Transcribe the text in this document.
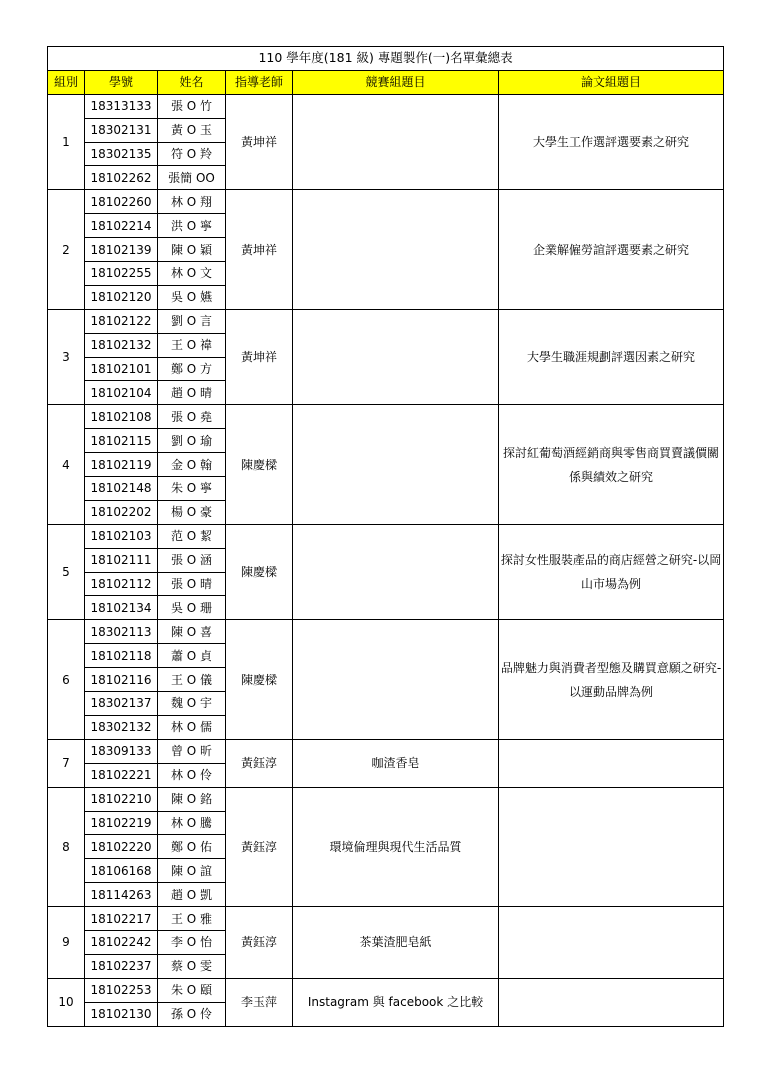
110 學年度(181 級) 專題製作(一)名單彙總表					
組別	學號	姓名	指導老師	競賽組題目	論文組題目
1	18313133	張 O 竹	黃坤祥		大學生工作選評選要素之研究
	18302131	黃 O 玉			
	18302135	符 O 羚			
	18102262	張簡 OO			
2	18102260	林 O 翔	黃坤祥		企業解僱勞諠評選要素之研究
	18102214	洪 O 寧			
	18102139	陳 O 穎			
	18102255	林 O 文			
	18102120	吳 O 嬿			
3	18102122	劉 O 言	黃坤祥		大學生職涯規劃評選因素之研究
	18102132	王 O 禕			
	18102101	鄭 O 方			
	18102104	趙 O 晴			
4	18102108	張 O 堯	陳慶樑		探討紅葡萄酒經銷商與零售商買賣議價關係與績效之研究
	18102115	劉 O 瑜			
	18102119	金 O 翰			
	18102148	朱 O 寧			
	18102202	楊 O 豪			
5	18102103	范 O 絜	陳慶樑		探討女性服裝產品的商店經營之研究-以岡山市場為例
	18102111	張 O 涵			
	18102112	張 O 晴			
	18102134	吳 O 珊			
6	18302113	陳 O 喜	陳慶樑		品牌魅力與消費者型態及購買意願之研究-以運動品牌為例
	18102118	蕭 O 貞			
	18102116	王 O 儀			
	18302137	魏 O 宇			
	18302132	林 O 儒			
7	18309133	曾 O 昕	黃鈺淳	咖渣香皂	
	18102221	林 O 伶			
8	18102210	陳 O 銘	黃鈺淳	環境倫理與現代生活品質	
	18102219	林 O 騰			
	18102220	鄭 O 佑			
	18106168	陳 O 誼			
	18114263	趙 O 凱			
9	18102217	王 O 雅	黃鈺淳	茶葉渣肥皂紙	
	18102242	李 O 怡			
	18102237	蔡 O 雯			
10	18102253	朱 O 頤	李玉萍	Instagram 與 facebook 之比較	
	18102130	孫 O 伶			
